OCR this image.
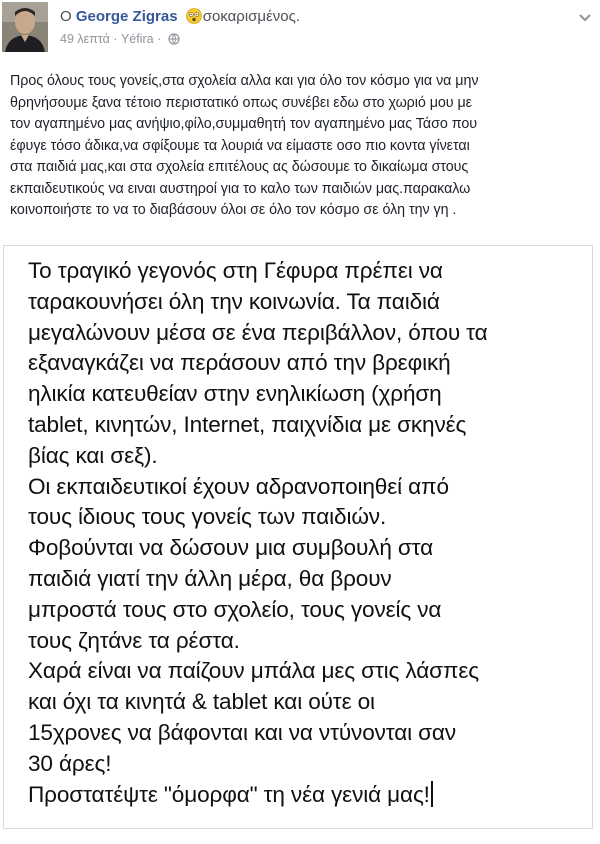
Ο George Zigras σοκαρισμένος.
49 λεπτά · Yéfira ·

Προς όλους τους γονείς,στα σχολεία αλλα και για όλο τον κόσμο για να μην
θρηνήσουμε ξανα τέτοιο περιστατικό οπως συνέβει εδω στο χωριό μου με
τον αγαπημένο μας ανήψιο,φίλο,συμμαθητή τον αγαπημένο μας Τάσο που
έφυγε τόσο άδικα,να σφίξουμε τα λουριά να είμαστε οσο πιο κοντα γίνεται
στα παιδιά μας,και στα σχολεία επιτέλους ας δώσουμε το δικαίωμα στους
εκπαιδευτικούς να ειναι αυστηροί για το καλο των παιδιών μας.παρακαλω
κοινοποιήστε το να το διαβάσουν όλοι σε όλο τον κόσμο σε όλη την γη .

Το τραγικό γεγονός στη Γέφυρα πρέπει να
ταρακουνήσει όλη την κοινωνία. Τα παιδιά
μεγαλώνουν μέσα σε ένα περιβάλλον, όπου τα
εξαναγκάζει να περάσουν από την βρεφική
ηλικία κατευθείαν στην ενηλικίωση (χρήση
tablet, κινητών, Internet, παιχνίδια με σκηνές
βίας και σεξ).
Οι εκπαιδευτικοί έχουν αδρανοποιηθεί από
τους ίδιους τους γονείς των παιδιών.
Φοβούνται να δώσουν μια συμβουλή στα
παιδιά γιατί την άλλη μέρα, θα βρουν
μπροστά τους στο σχολείο, τους γονείς να
τους ζητάνε τα ρέστα.
Χαρά είναι να παίζουν μπάλα μες στις λάσπες
και όχι τα κινητά & tablet και ούτε οι
15χρονες να βάφονται και να ντύνονται σαν
30 άρες!
Προστατέψτε "όμορφα" τη νέα γενιά μας!
